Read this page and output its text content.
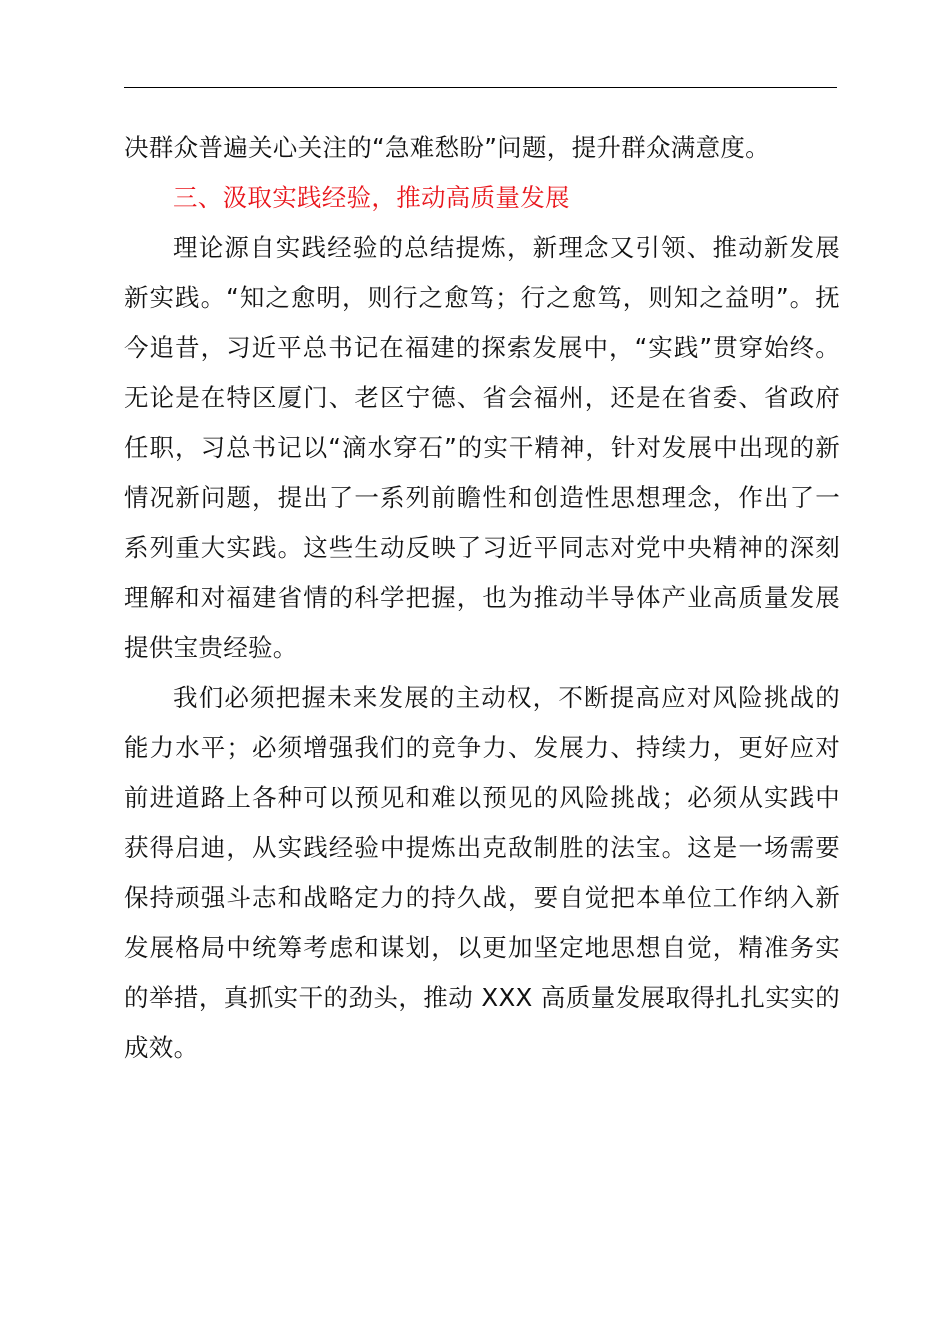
决群众普遍关心关注的“急难愁盼”问题，提升群众满意度。

三、汲取实践经验，推动高质量发展

理论源自实践经验的总结提炼，新理念又引领、推动新发展新实践。“知之愈明，则行之愈笃；行之愈笃，则知之益明”。抚今追昔，习近平总书记在福建的探索发展中，“实践”贯穿始终。无论是在特区厦门、老区宁德、省会福州，还是在省委、省政府任职，习总书记以“滴水穿石”的实干精神，针对发展中出现的新情况新问题，提出了一系列前瞻性和创造性思想理念，作出了一系列重大实践。这些生动反映了习近平同志对党中央精神的深刻理解和对福建省情的科学把握，也为推动半导体产业高质量发展提供宝贵经验。

我们必须把握未来发展的主动权，不断提高应对风险挑战的能力水平；必须增强我们的竞争力、发展力、持续力，更好应对前进道路上各种可以预见和难以预见的风险挑战；必须从实践中获得启迪，从实践经验中提炼出克敌制胜的法宝。这是一场需要保持顽强斗志和战略定力的持久战，要自觉把本单位工作纳入新发展格局中统筹考虑和谋划，以更加坚定地思想自觉，精准务实的举措，真抓实干的劲头，推动 XXX 高质量发展取得扎扎实实的成效。
